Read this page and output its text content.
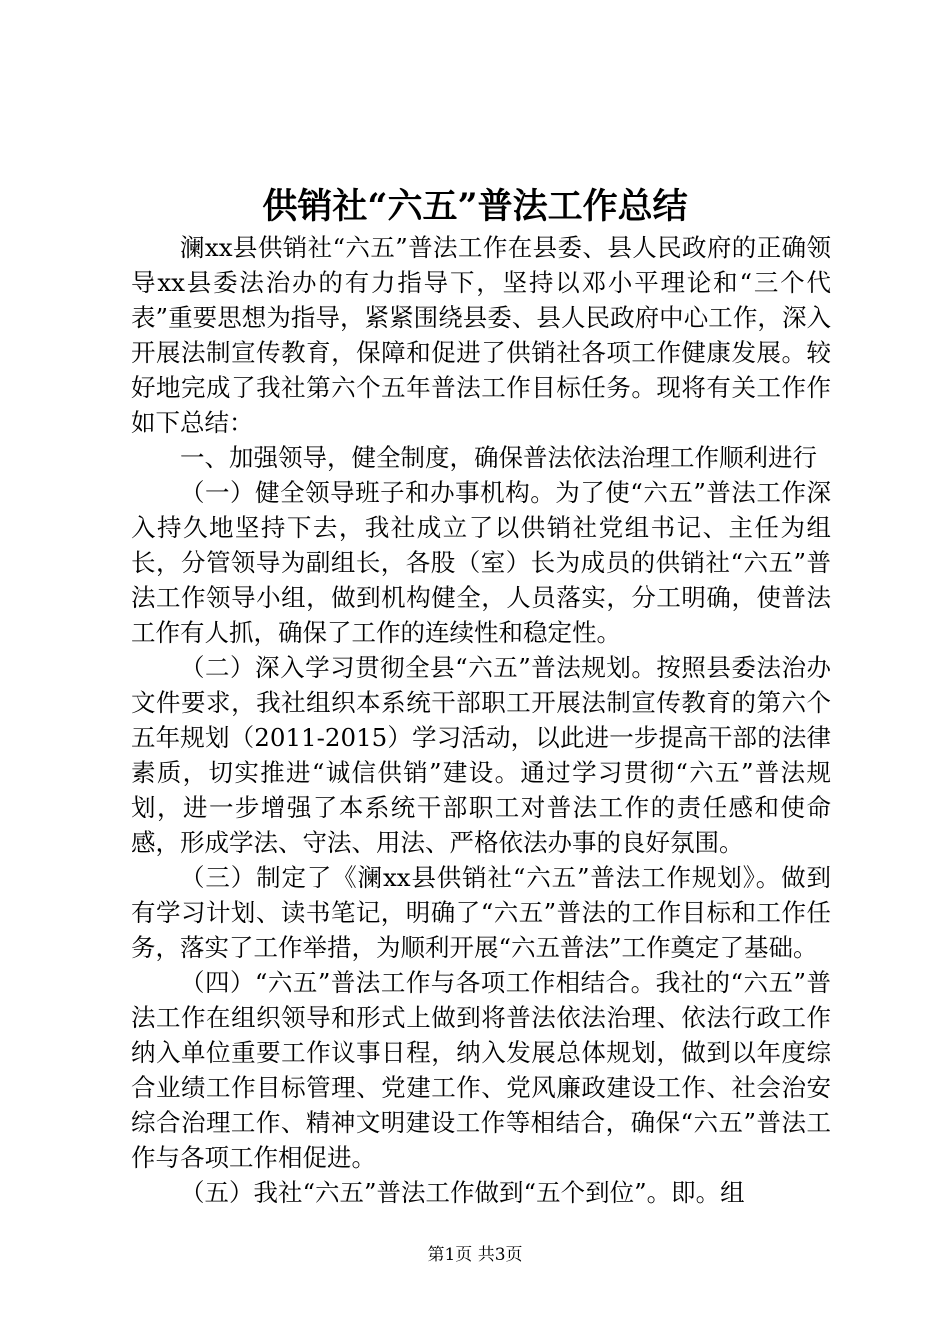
供销社“六五”普法工作总结

澜xx县供销社“六五”普法工作在县委、县人民政府的正确领导xx县委法治办的有力指导下，坚持以邓小平理论和“三个代表”重要思想为指导，紧紧围绕县委、县人民政府中心工作，深入开展法制宣传教育，保障和促进了供销社各项工作健康发展。较好地完成了我社第六个五年普法工作目标任务。现将有关工作作如下总结：

一、加强领导，健全制度，确保普法依法治理工作顺利进行

（一）健全领导班子和办事机构。为了使“六五”普法工作深入持久地坚持下去，我社成立了以供销社党组书记、主任为组长，分管领导为副组长，各股（室）长为成员的供销社“六五”普法工作领导小组，做到机构健全，人员落实，分工明确，使普法工作有人抓，确保了工作的连续性和稳定性。

（二）深入学习贯彻全县“六五”普法规划。按照县委法治办文件要求，我社组织本系统干部职工开展法制宣传教育的第六个五年规划（2011-2015）学习活动，以此进一步提高干部的法律素质，切实推进“诚信供销”建设。通过学习贯彻“六五”普法规划，进一步增强了本系统干部职工对普法工作的责任感和使命感，形成学法、守法、用法、严格依法办事的良好氛围。

（三）制定了《澜xx县供销社“六五”普法工作规划》。做到有学习计划、读书笔记，明确了“六五”普法的工作目标和工作任务，落实了工作举措，为顺利开展“六五普法”工作奠定了基础。

（四）“六五”普法工作与各项工作相结合。我社的“六五”普法工作在组织领导和形式上做到将普法依法治理、依法行政工作纳入单位重要工作议事日程，纳入发展总体规划，做到以年度综合业绩工作目标管理、党建工作、党风廉政建设工作、社会治安综合治理工作、精神文明建设工作等相结合，确保“六五”普法工作与各项工作相促进。

（五）我社“六五”普法工作做到“五个到位”。即。组

第1页 共3页
